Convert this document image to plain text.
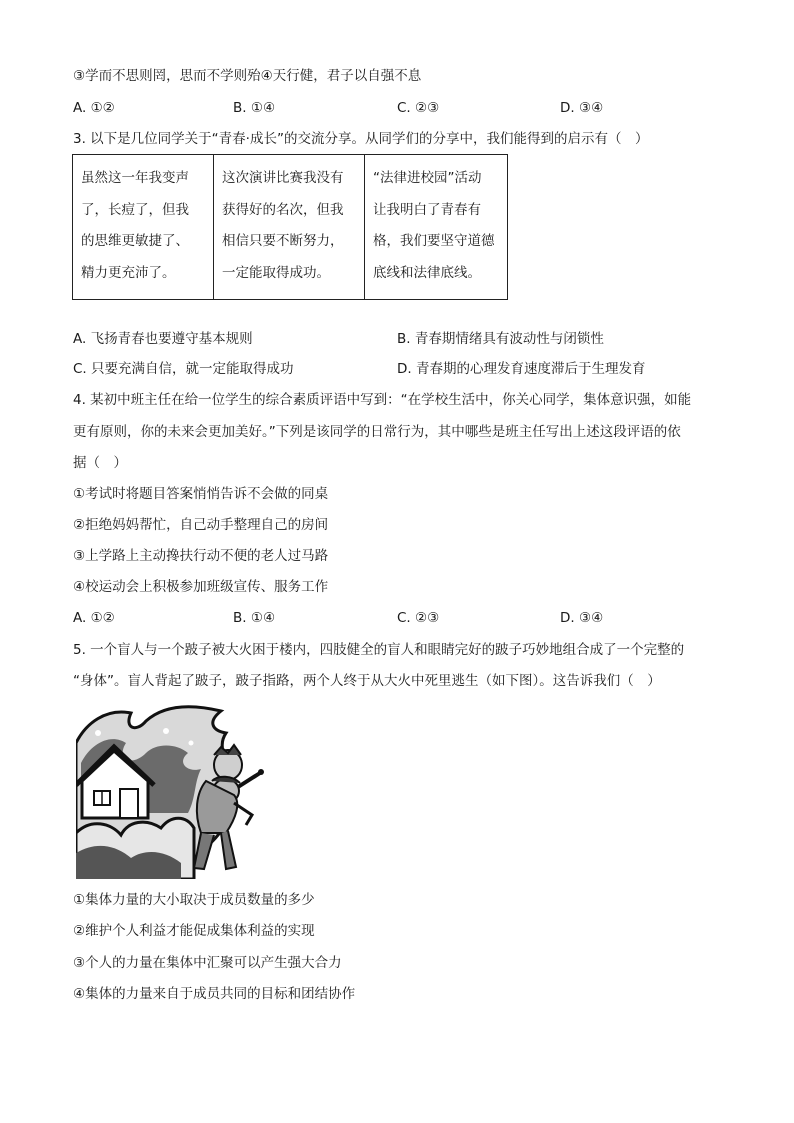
③学而不思则罔，思而不学则殆④天行健，君子以自强不息
A. ①②	B. ①④	C. ②③	D. ③④
3. 以下是几位同学关于“青春·成长”的交流分享。从同学们的分享中，我们能得到的启示有（　）
虽然这一年我变声
了，长痘了，但我
的思维更敏捷了、
精力更充沛了。

这次演讲比赛我没有
获得好的名次，但我
相信只要不断努力，
一定能取得成功。

“法律进校园”活动
让我明白了青春有
格，我们要坚守道德
底线和法律底线。
A. 飞扬青春也要遵守基本规则	B. 青春期情绪具有波动性与闭锁性
C. 只要充满自信，就一定能取得成功	D. 青春期的心理发育速度滞后于生理发育
4. 某初中班主任在给一位学生的综合素质评语中写到：“在学校生活中，你关心同学，集体意识强，如能
更有原则，你的未来会更加美好。”下列是该同学的日常行为，其中哪些是班主任写出上述这段评语的依
据（　）
①考试时将题目答案悄悄告诉不会做的同桌
②拒绝妈妈帮忙，自己动手整理自己的房间
③上学路上主动搀扶行动不便的老人过马路
④校运动会上积极参加班级宣传、服务工作
A. ①②	B. ①④	C. ②③	D. ③④
5. 一个盲人与一个跛子被大火困于楼内，四肢健全的盲人和眼睛完好的跛子巧妙地组合成了一个完整的
“身体”。盲人背起了跛子，跛子指路，两个人终于从大火中死里逃生（如下图）。这告诉我们（　）
①集体力量的大小取决于成员数量的多少
②维护个人利益才能促成集体利益的实现
③个人的力量在集体中汇聚可以产生强大合力
④集体的力量来自于成员共同的目标和团结协作
